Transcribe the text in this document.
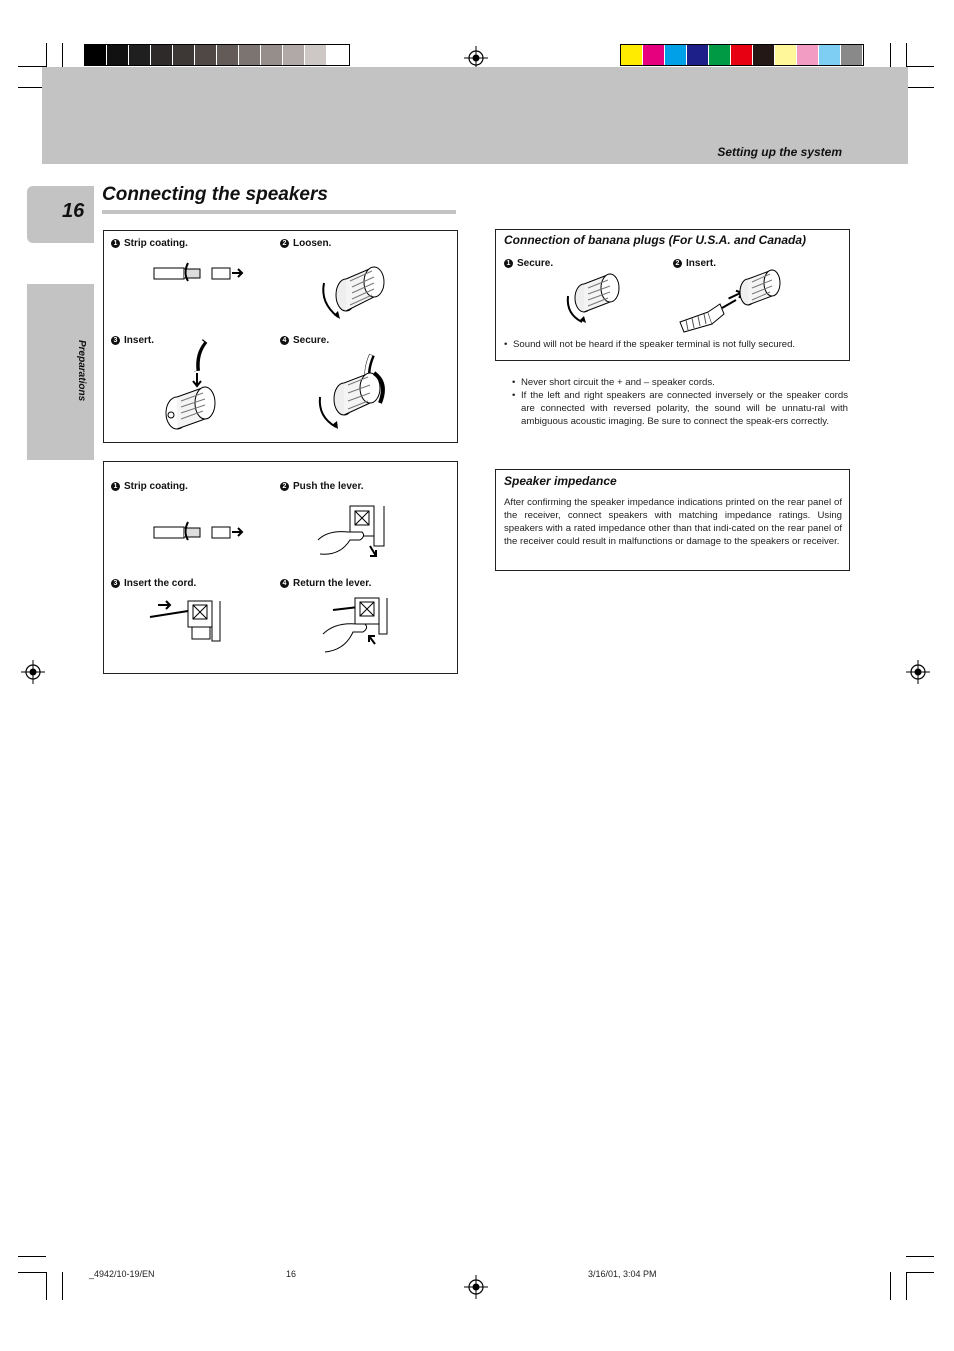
Setting up the system
16
Preparations
Connecting the speakers
1 Strip coating.	2 Loosen.
3 Insert.	4 Secure.
1 Strip coating.	2 Push the lever.
3 Insert the cord.	4 Return the lever.
Connection of banana plugs (For U.S.A. and Canada)
1 Secure.	2 Insert.
• Sound will not be heard if the speaker terminal is not fully secured.
• Never short circuit the + and – speaker cords.
• If the left and right speakers are connected inversely or the speaker cords are connected with reversed polarity, the sound will be unnatu-ral with ambiguous acoustic imaging. Be sure to connect the speak-ers correctly.
Speaker impedance
After confirming the speaker impedance indications printed on the rear panel of the receiver, connect speakers with matching impedance ratings. Using speakers with a rated impedance other than that indi-cated on the rear panel of the receiver could result in malfunctions or damage to the speakers or receiver.
_4942/10-19/EN	16	3/16/01, 3:04 PM
